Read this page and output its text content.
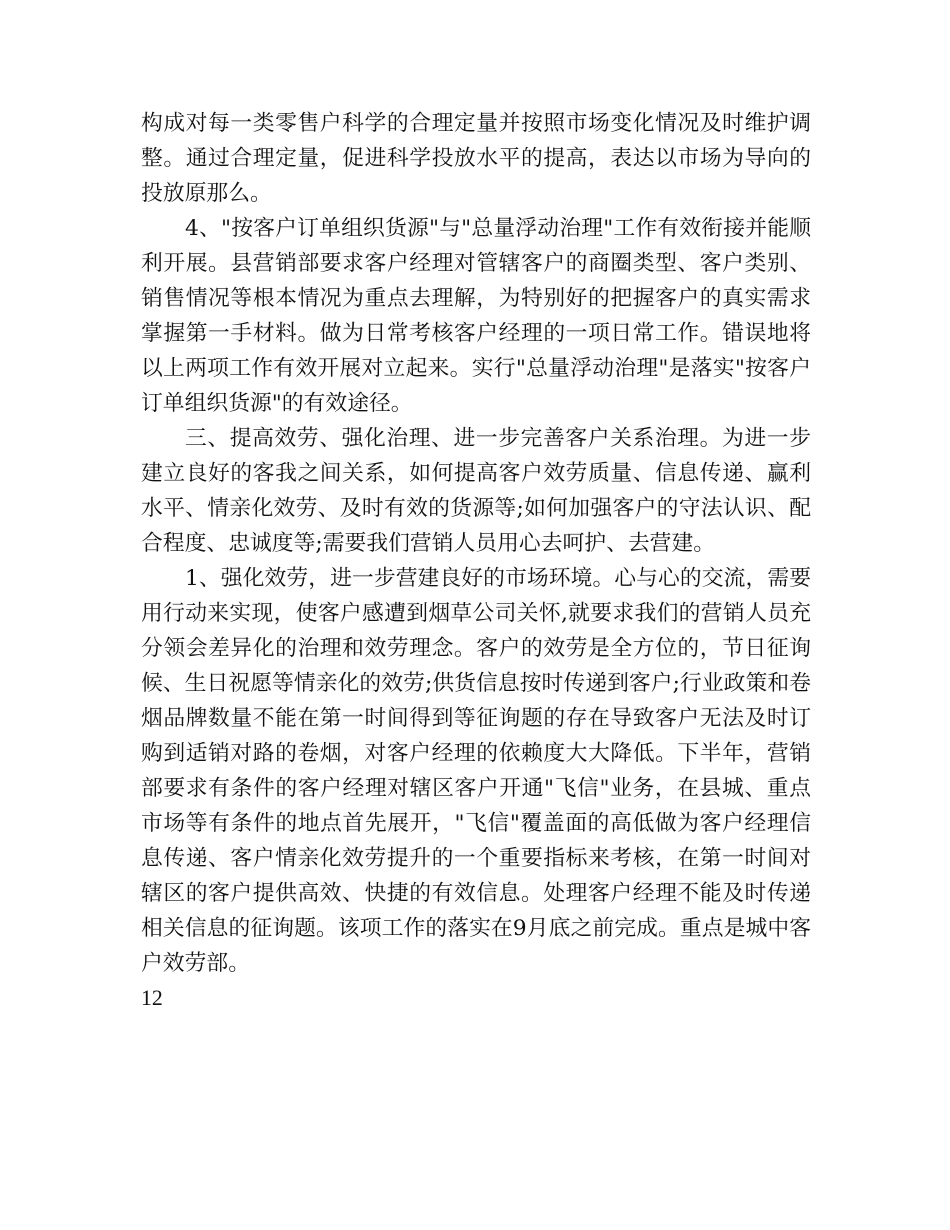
构成对每一类零售户科学的合理定量并按照市场变化情况及时维护调整。通过合理定量，促进科学投放水平的提高，表达以市场为导向的投放原那么。

4、"按客户订单组织货源"与"总量浮动治理"工作有效衔接并能顺利开展。县营销部要求客户经理对管辖客户的商圈类型、客户类别、销售情况等根本情况为重点去理解，为特别好的把握客户的真实需求掌握第一手材料。做为日常考核客户经理的一项日常工作。错误地将以上两项工作有效开展对立起来。实行"总量浮动治理"是落实"按客户订单组织货源"的有效途径。

三、提高效劳、强化治理、进一步完善客户关系治理。为进一步建立良好的客我之间关系，如何提高客户效劳质量、信息传递、赢利水平、情亲化效劳、及时有效的货源等;如何加强客户的守法认识、配合程度、忠诚度等;需要我们营销人员用心去呵护、去营建。

1、强化效劳，进一步营建良好的市场环境。心与心的交流，需要用行动来实现，使客户感遭到烟草公司关怀,就要求我们的营销人员充分领会差异化的治理和效劳理念。客户的效劳是全方位的，节日征询候、生日祝愿等情亲化的效劳;供货信息按时传递到客户;行业政策和卷烟品牌数量不能在第一时间得到等征询题的存在导致客户无法及时订购到适销对路的卷烟，对客户经理的依赖度大大降低。下半年，营销部要求有条件的客户经理对辖区客户开通"飞信"业务，在县城、重点市场等有条件的地点首先展开，"飞信"覆盖面的高低做为客户经理信息传递、客户情亲化效劳提升的一个重要指标来考核，在第一时间对辖区的客户提供高效、快捷的有效信息。处理客户经理不能及时传递相关信息的征询题。该项工作的落实在9月底之前完成。重点是城中客户效劳部。

12
